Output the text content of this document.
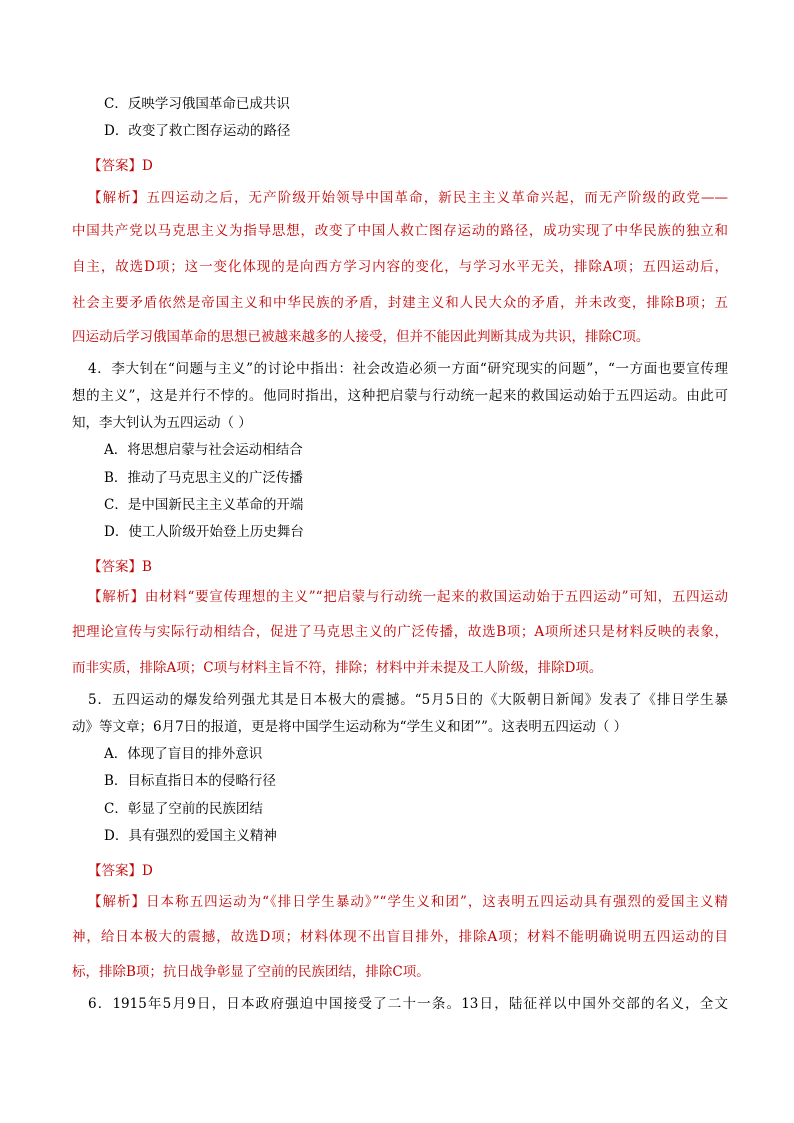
C．反映学习俄国革命已成共识
D．改变了救亡图存运动的路径
【答案】D
【解析】五四运动之后，无产阶级开始领导中国革命，新民主主义革命兴起，而无产阶级的政党——
中国共产党以马克思主义为指导思想，改变了中国人救亡图存运动的路径，成功实现了中华民族的独立和
自主，故选D项；这一变化体现的是向西方学习内容的变化，与学习水平无关，排除A项；五四运动后，
社会主要矛盾依然是帝国主义和中华民族的矛盾，封建主义和人民大众的矛盾，并未改变，排除B项；五
四运动后学习俄国革命的思想已被越来越多的人接受，但并不能因此判断其成为共识，排除C项。
4．李大钊在“问题与主义”的讨论中指出：社会改造必须一方面“研究现实的问题”，“一方面也要宣传理
想的主义”，这是并行不悖的。他同时指出，这种把启蒙与行动统一起来的救国运动始于五四运动。由此可
知，李大钊认为五四运动（ ）
A．将思想启蒙与社会运动相结合
B．推动了马克思主义的广泛传播
C．是中国新民主主义革命的开端
D．使工人阶级开始登上历史舞台
【答案】B
【解析】由材料“要宣传理想的主义”“把启蒙与行动统一起来的救国运动始于五四运动”可知，五四运动
把理论宣传与实际行动相结合，促进了马克思主义的广泛传播，故选B项；A项所述只是材料反映的表象，
而非实质，排除A项；C项与材料主旨不符，排除；材料中并未提及工人阶级，排除D项。
5．五四运动的爆发给列强尤其是日本极大的震撼。“5月5日的《大阪朝日新闻》发表了《排日学生暴
动》等文章；6月7日的报道，更是将中国学生运动称为“学生义和团””。这表明五四运动（ ）
A．体现了盲目的排外意识
B．目标直指日本的侵略行径
C．彰显了空前的民族团结
D．具有强烈的爱国主义精神
【答案】D
【解析】日本称五四运动为“《排日学生暴动》”“学生义和团”，这表明五四运动具有强烈的爱国主义精
神，给日本极大的震撼，故选D项；材料体现不出盲目排外，排除A项；材料不能明确说明五四运动的目
标，排除B项；抗日战争彰显了空前的民族团结，排除C项。
6．1915年5月9日，日本政府强迫中国接受了二十一条。13日，陆征祥以中国外交部的名义，全文
